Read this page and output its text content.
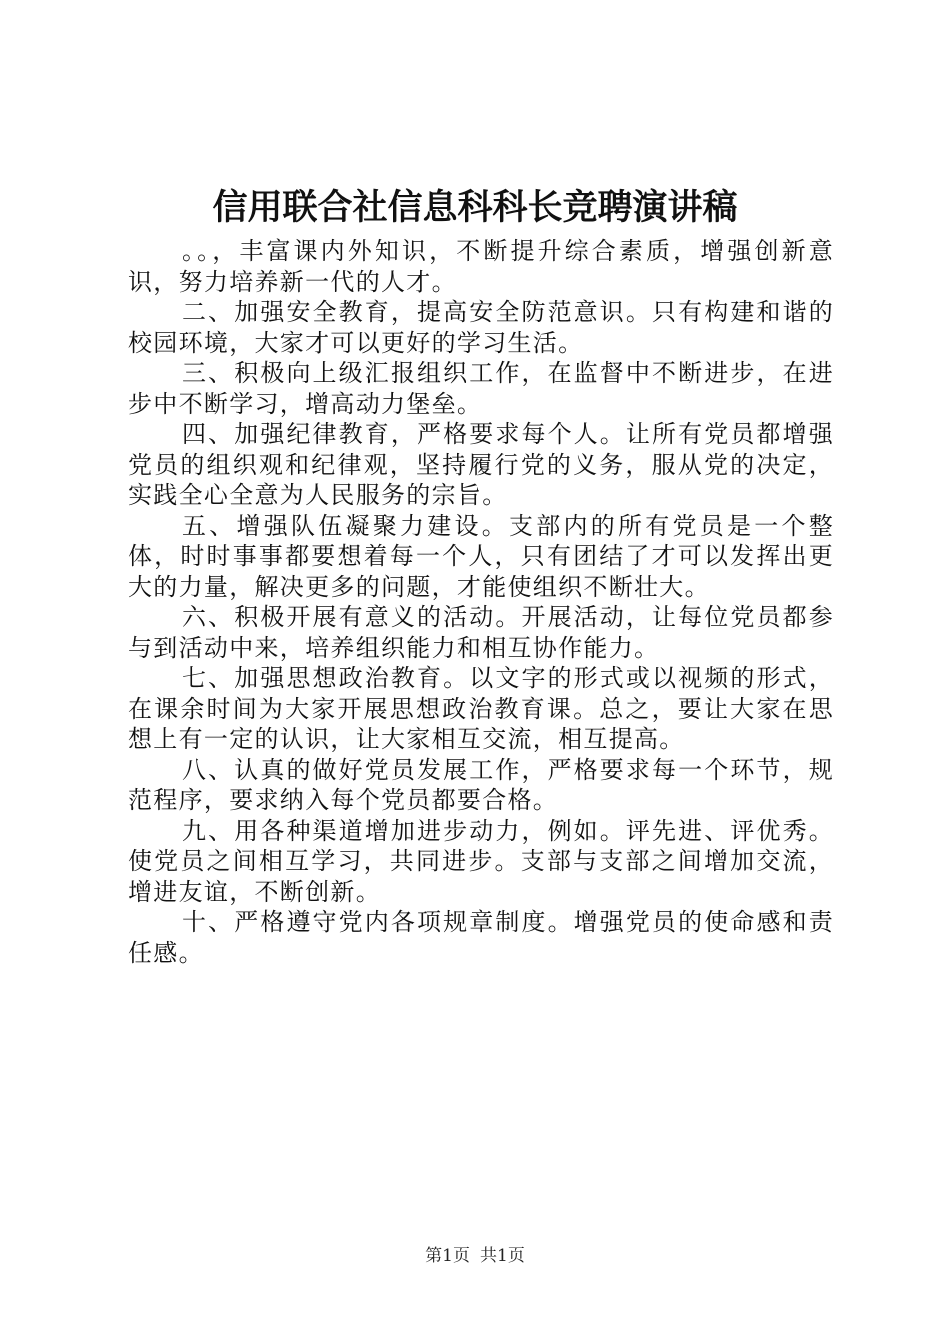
信用联合社信息科科长竞聘演讲稿

。。，丰富课内外知识，不断提升综合素质，增强创新意识，努力培养新一代的人才。

二、加强安全教育，提高安全防范意识。只有构建和谐的校园环境，大家才可以更好的学习生活。

三、积极向上级汇报组织工作，在监督中不断进步，在进步中不断学习，增高动力堡垒。

四、加强纪律教育，严格要求每个人。让所有党员都增强党员的组织观和纪律观，坚持履行党的义务，服从党的决定，实践全心全意为人民服务的宗旨。

五、增强队伍凝聚力建设。支部内的所有党员是一个整体，时时事事都要想着每一个人，只有团结了才可以发挥出更大的力量，解决更多的问题，才能使组织不断壮大。

六、积极开展有意义的活动。开展活动，让每位党员都参与到活动中来，培养组织能力和相互协作能力。

七、加强思想政治教育。以文字的形式或以视频的形式，在课余时间为大家开展思想政治教育课。总之，要让大家在思想上有一定的认识，让大家相互交流，相互提高。

八、认真的做好党员发展工作，严格要求每一个环节，规范程序，要求纳入每个党员都要合格。

九、用各种渠道增加进步动力，例如。评先进、评优秀。使党员之间相互学习，共同进步。支部与支部之间增加交流，增进友谊，不断创新。

十、严格遵守党内各项规章制度。增强党员的使命感和责任感。

第1页 共1页
